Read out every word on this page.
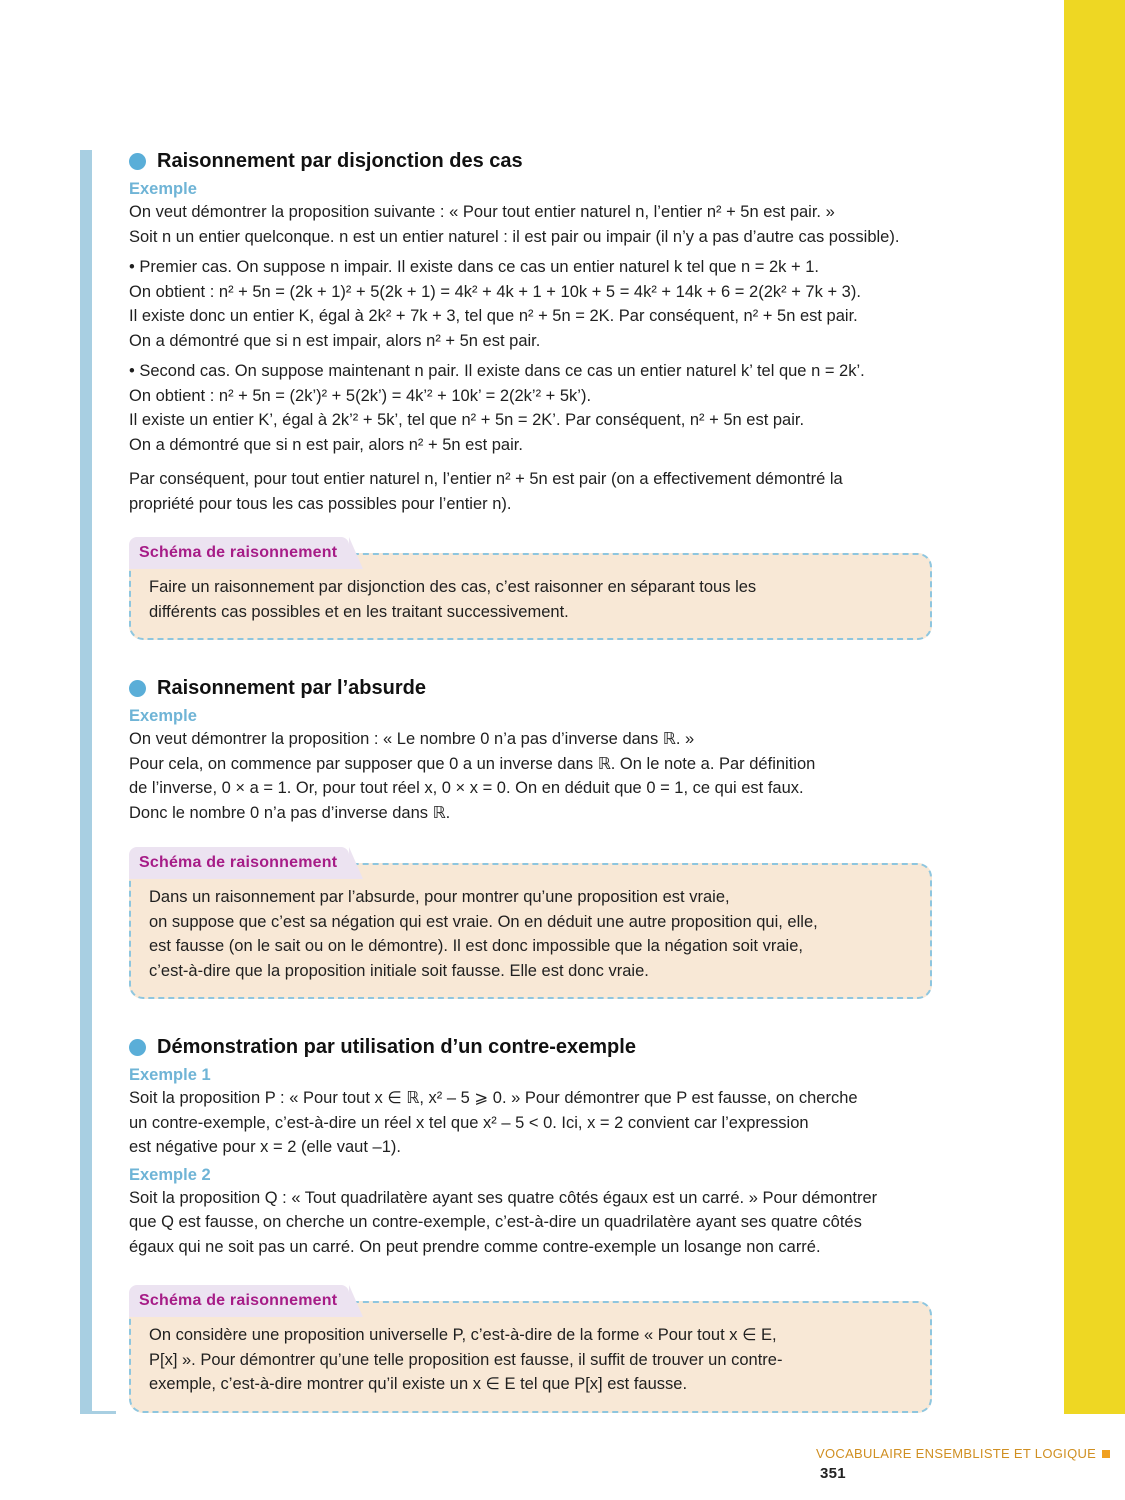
Raisonnement par disjonction des cas
Exemple

On veut démontrer la proposition suivante : « Pour tout entier naturel n, l’entier n² + 5n est pair. »

Soit n un entier quelconque. n est un entier naturel : il est pair ou impair (il n’y a pas d’autre cas possible).

• Premier cas. On suppose n impair. Il existe dans ce cas un entier naturel k tel que n = 2k + 1.

On obtient : n² + 5n = (2k + 1)² + 5(2k + 1) = 4k² + 4k + 1 + 10k + 5 = 4k² + 14k + 6 = 2(2k² + 7k + 3).

Il existe donc un entier K, égal à 2k² + 7k + 3, tel que n² + 5n = 2K. Par conséquent, n² + 5n est pair.

On a démontré que si n est impair, alors n² + 5n est pair.

• Second cas. On suppose maintenant n pair. Il existe dans ce cas un entier naturel k’ tel que n = 2k’.

On obtient : n² + 5n = (2k’)² + 5(2k’) = 4k’² + 10k’ = 2(2k’² + 5k’).

Il existe un entier K’, égal à 2k’² + 5k’, tel que n² + 5n = 2K’. Par conséquent, n² + 5n est pair.

On a démontré que si n est pair, alors n² + 5n est pair.

Par conséquent, pour tout entier naturel n, l’entier n² + 5n est pair (on a effectivement démontré la

propriété pour tous les cas possibles pour l’entier n).

Schéma de raisonnement

Faire un raisonnement par disjonction des cas, c’est raisonner en séparant tous les

différents cas possibles et en les traitant successivement.

Raisonnement par l’absurde
Exemple

On veut démontrer la proposition : « Le nombre 0 n’a pas d’inverse dans ℝ. »

Pour cela, on commence par supposer que 0 a un inverse dans ℝ. On le note a. Par définition

de l’inverse, 0 × a = 1. Or, pour tout réel x, 0 × x = 0. On en déduit que 0 = 1, ce qui est faux.

Donc le nombre 0 n’a pas d’inverse dans ℝ.

Schéma de raisonnement

Dans un raisonnement par l’absurde, pour montrer qu’une proposition est vraie,

on suppose que c’est sa négation qui est vraie. On en déduit une autre proposition qui, elle,

est fausse (on le sait ou on le démontre). Il est donc impossible que la négation soit vraie,

c’est-à-dire que la proposition initiale soit fausse. Elle est donc vraie.

Démonstration par utilisation d’un contre-exemple
Exemple 1

Soit la proposition P : « Pour tout x ∈ ℝ, x² – 5 ⩾ 0. » Pour démontrer que P est fausse, on cherche

un contre-exemple, c’est-à-dire un réel x tel que x² – 5 < 0. Ici, x = 2 convient car l’expression

est négative pour x = 2 (elle vaut –1).

Exemple 2

Soit la proposition Q : « Tout quadrilatère ayant ses quatre côtés égaux est un carré. » Pour démontrer

que Q est fausse, on cherche un contre-exemple, c’est-à-dire un quadrilatère ayant ses quatre côtés

égaux qui ne soit pas un carré. On peut prendre comme contre-exemple un losange non carré.

Schéma de raisonnement

On considère une proposition universelle P, c’est-à-dire de la forme « Pour tout x ∈ E,

P[x] ». Pour démontrer qu’une telle proposition est fausse, il suffit de trouver un contre-

exemple, c’est-à-dire montrer qu’il existe un x ∈ E tel que P[x] est fausse.

VOCABULAIRE ENSEMBLISTE ET LOGIQUE351
